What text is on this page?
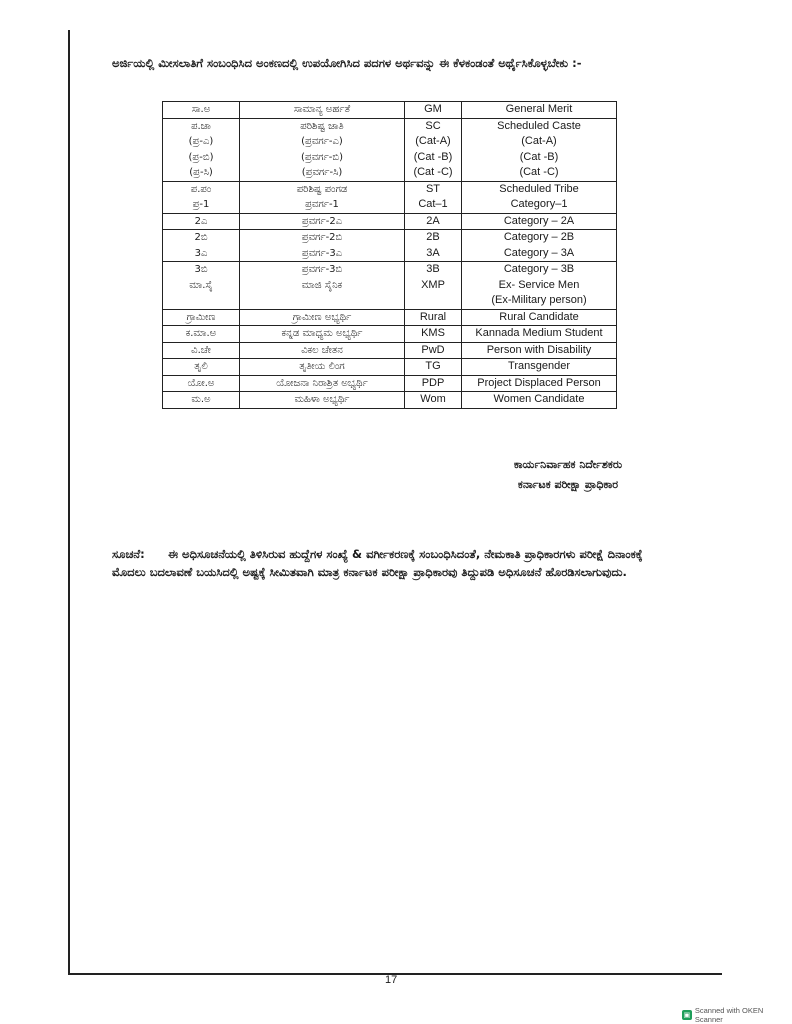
ಅರ್ಜಿಯಲ್ಲಿ ಮೀಸಲಾತಿಗೆ ಸಂಬಂಧಿಸಿದ ಅಂಕಣದಲ್ಲಿ ಉಪಯೋಗಿಸಿದ ಪದಗಳ ಅರ್ಥವನ್ನು ಈ ಕೆಳಕಂಡಂತೆ ಅರ್ಥೈಸಿಕೊಳ್ಳಬೇಕು :-
ಸಾ.ಅ	ಸಾಮಾನ್ಯ ಅರ್ಹತೆ	GM	General Merit
ಪ.ಜಾ	ಪರಿಶಿಷ್ಟ ಜಾತಿ	SC	Scheduled Caste
(ಪ್ರ-ಎ)	(ಪ್ರವರ್ಗ-ಎ)	(Cat-A)	(Cat-A)
(ಪ್ರ-ಬಿ)	(ಪ್ರವರ್ಗ-ಬಿ)	(Cat -B)	(Cat -B)
(ಪ್ರ-ಸಿ)	(ಪ್ರವರ್ಗ-ಸಿ)	(Cat -C)	(Cat -C)
ಪ.ಪಂ	ಪರಿಶಿಷ್ಟ ಪಂಗಡ	ST	Scheduled Tribe
ಪ್ರ-1	ಪ್ರವರ್ಗ-1	Cat–1	Category–1
2ಎ	ಪ್ರವರ್ಗ-2ಎ	2A	Category – 2A
2ಬಿ	ಪ್ರವರ್ಗ-2ಬಿ	2B	Category – 2B
3ಎ	ಪ್ರವರ್ಗ-3ಎ	3A	Category – 3A
3ಬಿ	ಪ್ರವರ್ಗ-3ಬಿ	3B	Category – 3B
ಮಾ.ಸೈ	ಮಾಜಿ ಸೈನಿಕ	XMP	Ex- Service Men
			(Ex-Military person)
ಗ್ರಾಮೀಣ	ಗ್ರಾಮೀಣ ಅಭ್ಯರ್ಥಿ	Rural	Rural Candidate
ಕ.ಮಾ.ಅ	ಕನ್ನಡ ಮಾಧ್ಯಮ ಅಭ್ಯರ್ಥಿ	KMS	Kannada Medium Student
ವಿ.ಚೇ	ವಿಕಲ ಚೇತನ	PwD	Person with Disability
ತೃಲಿ	ತೃತೀಯ ಲಿಂಗ	TG	Transgender
ಯೋ.ಅ	ಯೋಜನಾ ನಿರಾಶ್ರಿತ ಅಭ್ಯರ್ಥಿ	PDP	Project Displaced Person
ಮ.ಅ	ಮಹಿಳಾ ಅಭ್ಯರ್ಥಿ	Wom	Women Candidate
ಕಾರ್ಯನಿರ್ವಾಹಕ ನಿರ್ದೇಶಕರು
ಕರ್ನಾಟಕ ಪರೀಕ್ಷಾ ಪ್ರಾಧಿಕಾರ
ಸೂಚನೆ: ಈ ಅಧಿಸೂಚನೆಯಲ್ಲಿ ತಿಳಿಸಿರುವ ಹುದ್ದೆಗಳ ಸಂಖ್ಯೆ & ವರ್ಗೀಕರಣಕ್ಕೆ ಸಂಬಂಧಿಸಿದಂತೆ, ನೇಮಕಾತಿ ಪ್ರಾಧಿಕಾರಗಳು ಪರೀಕ್ಷೆ ದಿನಾಂಕಕ್ಕೆ ಮೊದಲು ಬದಲಾವಣೆ ಬಯಸಿದಲ್ಲಿ ಅಷ್ಟಕ್ಕೆ ಸೀಮಿತವಾಗಿ ಮಾತ್ರ ಕರ್ನಾಟಕ ಪರೀಕ್ಷಾ ಪ್ರಾಧಿಕಾರವು ತಿದ್ದುಪಡಿ ಅಧಿಸೂಚನೆ ಹೊರಡಿಸಲಾಗುವುದು.
17
▣
Scanned with OKEN Scanner
